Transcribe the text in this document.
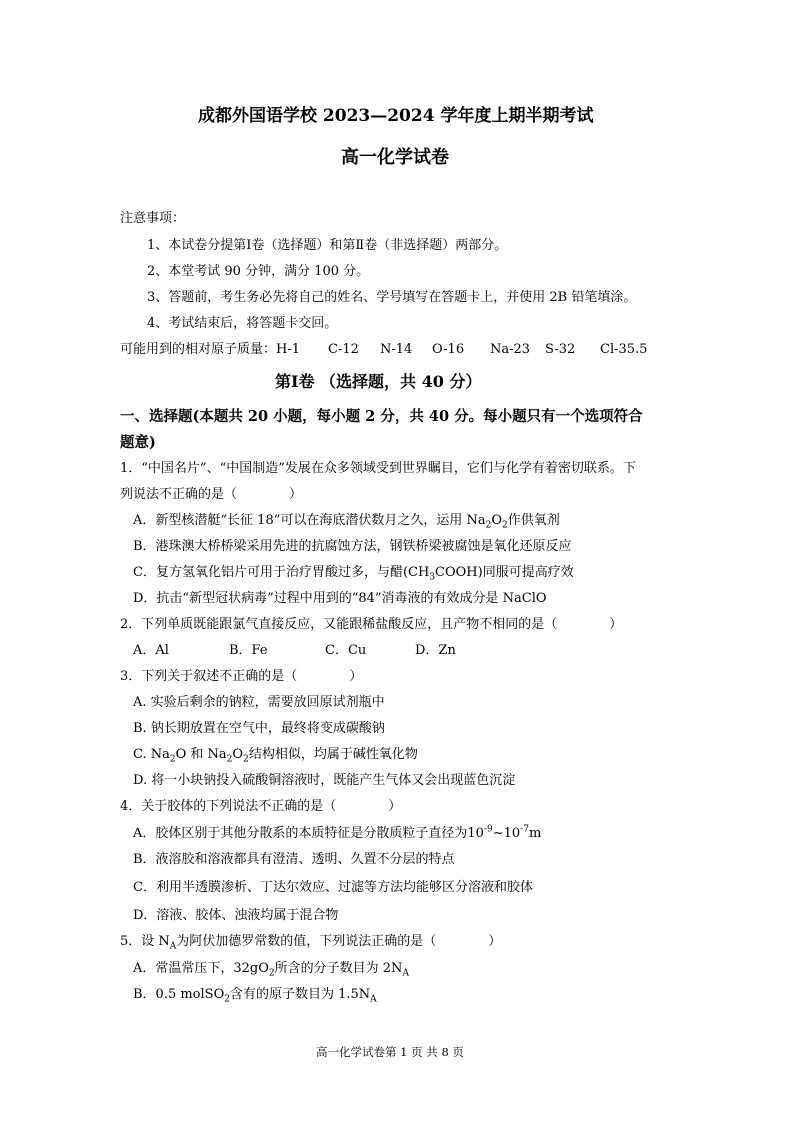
成都外国语学校 2023—2024 学年度上期半期考试
高一化学试卷
注意事项：
1、本试卷分提第Ⅰ卷（选择题）和第Ⅱ卷（非选择题）两部分。
2、本堂考试 90 分钟，满分 100 分。
3、答题前，考生务必先将自己的姓名、学号填写在答题卡上，并使用 2B 铅笔填涂。
4、考试结束后，将答题卡交回。
可能用到的相对原子质量：H-1 C-12 N-14 O-16 Na-23 S-32 Cl-35.5
第Ⅰ卷 （选择题，共 40 分）
一、选择题(本题共 20 小题，每小题 2 分，共 40 分。每小题只有一个选项符合
题意)
1．“中国名片”、“中国制造”发展在众多领域受到世界瞩目，它们与化学有着密切联系。下
列说法不正确的是（　　　　）
A．新型核潜艇“长征 18”可以在海底潜伏数月之久，运用 $Na_2O_2$作供氧剂
B．港珠澳大桥桥梁采用先进的抗腐蚀方法，钢铁桥梁被腐蚀是氧化还原反应
C．复方氢氧化铝片可用于治疗胃酸过多，与醋$(CH_3COOH)$同服可提高疗效
D．抗击“新型冠状病毒”过程中用到的“84”消毒液的有效成分是 NaClO
2．下列单质既能跟氯气直接反应，又能跟稀盐酸反应，且产物不相同的是（　　　　）
A．Al	B．Fe	C．Cu	D．Zn
3．下列关于叙述不正确的是（　　　　）
A. 实验后剩余的钠粒，需要放回原试剂瓶中
B. 钠长期放置在空气中，最终将变成碳酸钠
C. $Na_2O$ 和 $Na_2O_2$结构相似，均属于碱性氧化物
D. 将一小块钠投入硫酸铜溶液时，既能产生气体又会出现蓝色沉淀
4．关于胶体的下列说法不正确的是（　　　　）
A．胶体区别于其他分散系的本质特征是分散质粒子直径为$10^{-9}\sim 10^{-7}m$
B．液溶胶和溶液都具有澄清、透明、久置不分层的特点
C．利用半透膜渗析、丁达尔效应、过滤等方法均能够区分溶液和胶体
D．溶液、胶体、浊液均属于混合物
5．设 $N_A$为阿伏加德罗常数的值，下列说法正确的是（　　　　）
A．常温常压下，$32gO_2$所含的分子数目为 $2N_A$
B．0.5 molSO$_2$含有的原子数目为 $1.5N_A$
高一化学试卷第 1 页 共 8 页
